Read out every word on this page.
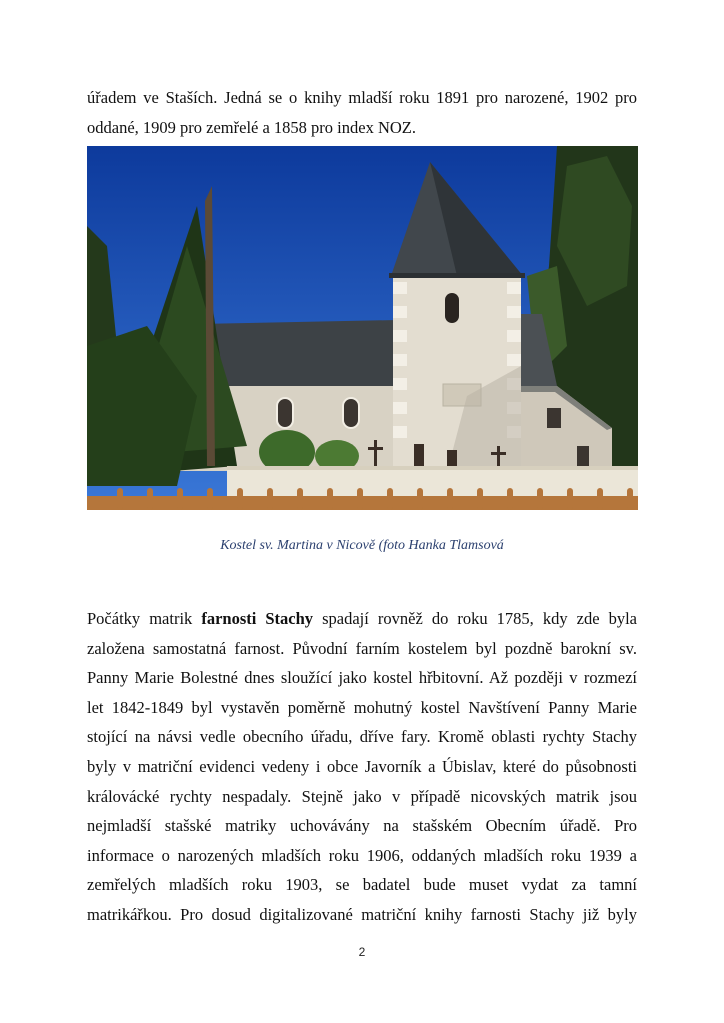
úřadem ve Staších. Jedná se o knihy mladší roku 1891 pro narozené, 1902 pro
oddané, 1909 pro zemřelé a 1858 pro index NOZ.
Kostel sv. Martina v Nicově (foto Hanka Tlamsová
Počátky matrik farnosti Stachy spadají rovněž do roku 1785, kdy zde byla
založena samostatná farnost. Původní farním kostelem byl pozdně barokní sv.
Panny Marie Bolestné dnes sloužící jako kostel hřbitovní. Až později v rozmezí
let 1842-1849 byl vystavěn poměrně mohutný kostel Navštívení Panny Marie
stojící na návsi vedle obecního úřadu, dříve fary. Kromě oblasti rychty Stachy
byly v matriční evidenci vedeny i obce Javorník a Úbislav, které do působnosti
královácké rychty nespadaly. Stejně jako v případě nicovských matrik jsou
nejmladší stašské matriky uchovávány na stašském Obecním úřadě. Pro
informace o narozených mladších roku 1906, oddaných mladších roku 1939 a
zemřelých mladších roku 1903, se badatel bude muset vydat za tamní
matrikářkou. Pro dosud digitalizované matriční knihy farnosti Stachy již byly
2
